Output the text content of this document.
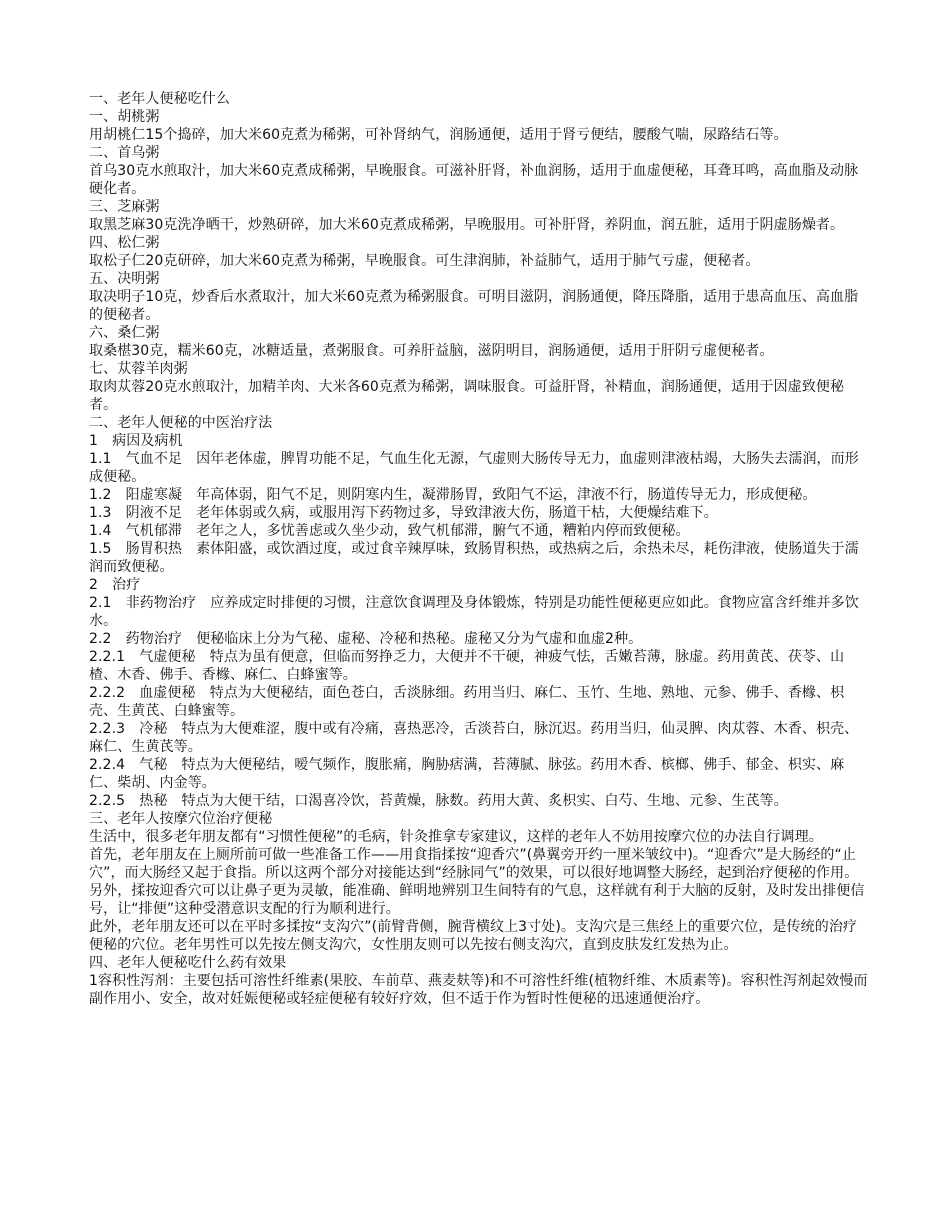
一、老年人便秘吃什么

一、胡桃粥

用胡桃仁15个捣碎，加大米60克煮为稀粥，可补肾纳气，润肠通便，适用于肾亏便结，腰酸气喘，尿路结石等。

二、首乌粥

首乌30克水煎取汁，加大米60克煮成稀粥，早晚服食。可滋补肝肾，补血润肠，适用于血虚便秘，耳聋耳鸣，高血脂及动脉硬化者。

三、芝麻粥

取黑芝麻30克洗净晒干，炒熟研碎，加大米60克煮成稀粥，早晚服用。可补肝肾，养阴血，润五脏，适用于阴虚肠燥者。

四、松仁粥

取松子仁20克研碎，加大米60克煮为稀粥，早晚服食。可生津润肺，补益肺气，适用于肺气亏虚，便秘者。

五、决明粥

取决明子10克，炒香后水煮取汁，加大米60克煮为稀粥服食。可明目滋阴，润肠通便，降压降脂，适用于患高血压、高血脂的便秘者。

六、桑仁粥

取桑椹30克，糯米60克，冰糖适量，煮粥服食。可养肝益脑，滋阴明目，润肠通便，适用于肝阴亏虚便秘者。

七、苁蓉羊肉粥

取肉苁蓉20克水煎取汁，加精羊肉、大米各60克煮为稀粥，调味服食。可益肝肾，补精血，润肠通便，适用于因虚致便秘者。

二、老年人便秘的中医治疗法

1　病因及病机

1.1　气血不足　因年老体虚，脾胃功能不足，气血生化无源，气虚则大肠传导无力，血虚则津液枯竭，大肠失去濡润，而形成便秘。

1.2　阳虚寒凝　年高体弱，阳气不足，则阴寒内生，凝滞肠胃，致阳气不运，津液不行，肠道传导无力，形成便秘。

1.3　阴液不足　老年体弱或久病，或服用泻下药物过多，导致津液大伤，肠道干枯，大便燥结难下。

1.4　气机郁滞　老年之人，多忧善虑或久坐少动，致气机郁滞，腑气不通，糟粕内停而致便秘。

1.5　肠胃积热　素体阳盛，或饮酒过度，或过食辛辣厚味，致肠胃积热，或热病之后，余热未尽，耗伤津液，使肠道失于濡润而致便秘。

2　治疗

2.1　非药物治疗　应养成定时排便的习惯，注意饮食调理及身体锻炼，特别是功能性便秘更应如此。食物应富含纤维并多饮水。

2.2　药物治疗　便秘临床上分为气秘、虚秘、冷秘和热秘。虚秘又分为气虚和血虚2种。

2.2.1　气虚便秘　特点为虽有便意，但临而努挣乏力，大便并不干硬，神疲气怯，舌嫩苔薄，脉虚。药用黄芪、茯苓、山楂、木香、佛手、香橼、麻仁、白蜂蜜等。

2.2.2　血虚便秘　特点为大便秘结，面色苍白，舌淡脉细。药用当归、麻仁、玉竹、生地、熟地、元参、佛手、香橼、枳壳、生黄芪、白蜂蜜等。

2.2.3　冷秘　特点为大便难涩，腹中或有冷痛，喜热恶冷，舌淡苔白，脉沉迟。药用当归，仙灵脾、肉苁蓉、木香、枳壳、麻仁、生黄芪等。

2.2.4　气秘　特点为大便秘结，嗳气频作，腹胀痛，胸胁痞满，苔薄腻、脉弦。药用木香、槟榔、佛手、郁金、枳实、麻仁、柴胡、内金等。

2.2.5　热秘　特点为大便干结，口渴喜冷饮，苔黄燥，脉数。药用大黄、炙枳实、白芍、生地、元参、生芪等。

三、老年人按摩穴位治疗便秘

生活中，很多老年朋友都有“习惯性便秘”的毛病，针灸推拿专家建议，这样的老年人不妨用按摩穴位的办法自行调理。

首先，老年朋友在上厕所前可做一些准备工作——用食指揉按“迎香穴”(鼻翼旁开约一厘米皱纹中)。“迎香穴”是大肠经的“止穴”，而大肠经又起于食指。所以这两个部分对接能达到“经脉同气”的效果，可以很好地调整大肠经，起到治疗便秘的作用。另外，揉按迎香穴可以让鼻子更为灵敏，能准确、鲜明地辨别卫生间特有的气息，这样就有利于大脑的反射，及时发出排便信号，让“排便”这种受潜意识支配的行为顺利进行。

此外，老年朋友还可以在平时多揉按“支沟穴”(前臂背侧，腕背横纹上3寸处)。支沟穴是三焦经上的重要穴位，是传统的治疗便秘的穴位。老年男性可以先按左侧支沟穴，女性朋友则可以先按右侧支沟穴，直到皮肤发红发热为止。

四、老年人便秘吃什么药有效果

1容积性泻剂：主要包括可溶性纤维素(果胶、车前草、燕麦麸等)和不可溶性纤维(植物纤维、木质素等)。容积性泻剂起效慢而副作用小、安全，故对妊娠便秘或轻症便秘有较好疗效，但不适于作为暂时性便秘的迅速通便治疗。
